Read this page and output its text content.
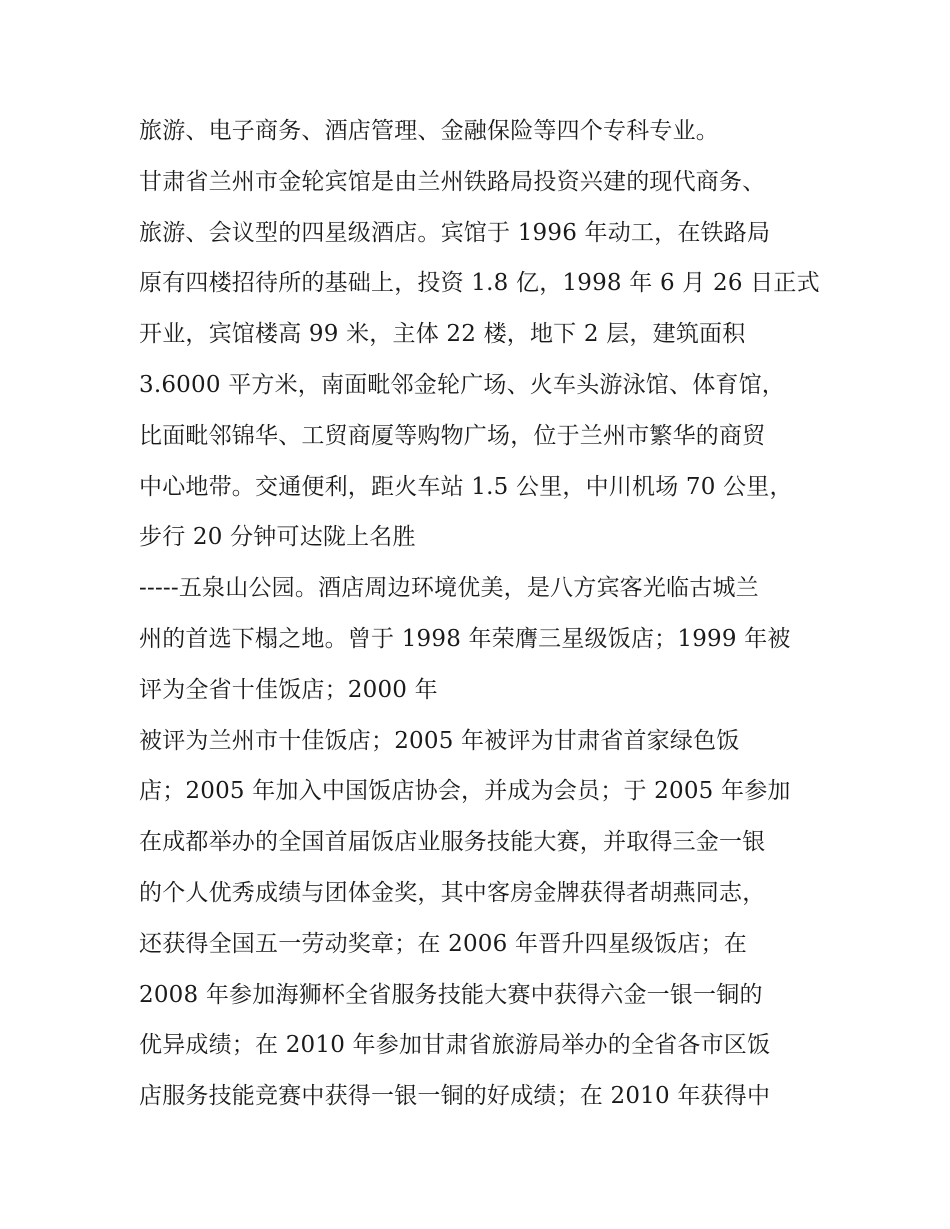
旅游、电子商务、酒店管理、金融保险等四个专科专业。
甘肃省兰州市金轮宾馆是由兰州铁路局投资兴建的现代商务、
旅游、会议型的四星级酒店。宾馆于 1996 年动工，在铁路局
原有四楼招待所的基础上，投资 1.8 亿，1998 年 6 月 26 日正式
开业，宾馆楼高 99 米，主体 22 楼，地下 2 层，建筑面积
3.6000 平方米，南面毗邻金轮广场、火车头游泳馆、体育馆，
比面毗邻锦华、工贸商厦等购物广场，位于兰州市繁华的商贸
中心地带。交通便利，距火车站 1.5 公里，中川机场 70 公里，
步行 20 分钟可达陇上名胜
-----五泉山公园。酒店周边环境优美，是八方宾客光临古城兰
州的首选下榻之地。曾于 1998 年荣膺三星级饭店；1999 年被
评为全省十佳饭店；2000 年
被评为兰州市十佳饭店；2005 年被评为甘肃省首家绿色饭
店；2005 年加入中国饭店协会，并成为会员；于 2005 年参加
在成都举办的全国首届饭店业服务技能大赛，并取得三金一银
的个人优秀成绩与团体金奖，其中客房金牌获得者胡燕同志，
还获得全国五一劳动奖章；在 2006 年晋升四星级饭店；在
2008 年参加海狮杯全省服务技能大赛中获得六金一银一铜的
优异成绩；在 2010 年参加甘肃省旅游局举办的全省各市区饭
店服务技能竞赛中获得一银一铜的好成绩；在 2010 年获得中
